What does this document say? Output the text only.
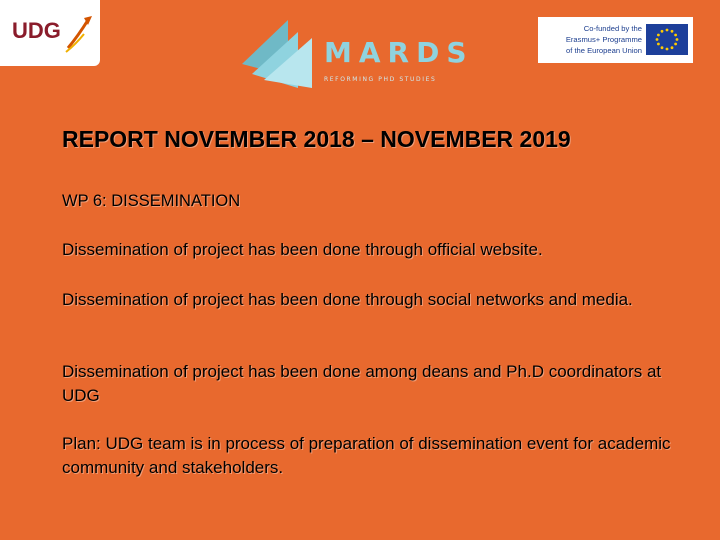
UDG
MARDS
REFORMING PHD STUDIES
Co-funded by the
Erasmus+ Programme
of the European Union
REPORT NOVEMBER 2018 – NOVEMBER 2019

WP 6: DISSEMINATION

Dissemination of project has been done through official website.

Dissemination of project has been done through social networks and media.

Dissemination of project has been done among deans and Ph.D coordinators at UDG

Plan: UDG team is in process of preparation of dissemination event for academic community and stakeholders.
